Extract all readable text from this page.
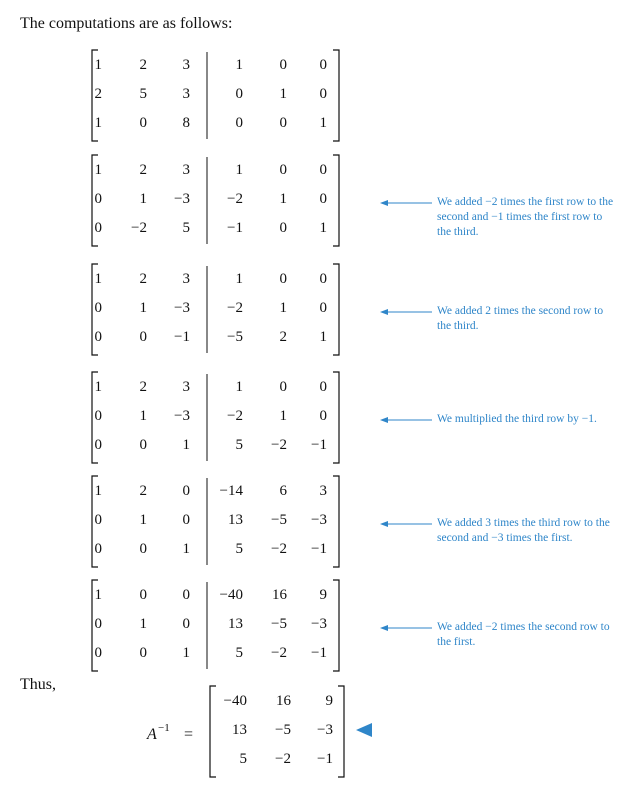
The computations are as follows:
1	2 3	1 0 0
2	5 3	0 1 0
1	0 8	0 0 1
1	2 3	1 0 0
0	1 −3 −2 1 0
0 −2 5 −1 0 1
1	2 3	1 0 0
0	1 −3 −2 1 0
0	0 −1 −5 2 1
1	2 3	1 0 0
0	1 −3 −2 1 0
0	0 1	5 −2 −1
1	2 0 −14 6 3
0	1 0	13 −5 −3
0	0 1	5 −2 −1
1	0 0 −40 16 9
0	1 0	13 −5 −3
0	0 1	5 −2 −1
A −1 =
−40 16 9
13 −5 −3
5 −2 −1
We added −2 times the first row to the second and −1 times the first row to the third.
We added 2 times the second row to the third.
We multiplied the third row by −1.
We added 3 times the third row to the second and −3 times the first.
We added −2 times the second row to the first.
Thus,
